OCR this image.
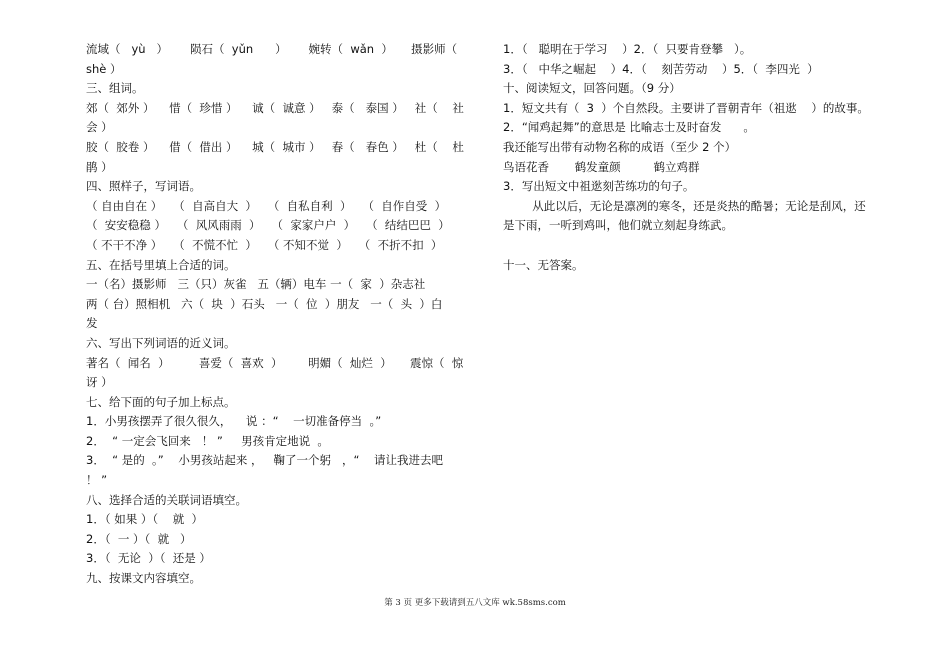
流域（   yù   ）      陨石（  yǔn      ）      婉转（  wǎn  ）     摄影师（
shè ）
三、组词。
郊（  郊外 ）    惜（  珍惜 ）    诚（  诚意 ）   泰（   泰国 ）   社（    社
会 ）
胶（  胶卷 ）    借（  借出 ）    城（  城市 ）   春（   春色 ）   杜（    杜
鹃 ）
四、照样子，写词语。
（ 自由自在 ）   （  自高自大  ）   （  自私自利  ）   （  自作自受  ）
（  安安稳稳 ）   （  风风雨雨  ）   （  家家户户  ）   （  结结巴巴  ）
（ 不干不净 ）   （  不慌不忙  ）   （ 不知不觉  ）   （  不折不扣  ）
五、在括号里填上合适的词。
一（名）摄影师   三（只）灰雀   五（辆）电车 一（  家  ）杂志社
两（ 台）照相机   六（  块  ）石头   一（  位  ）朋友   一（  头  ）白
发
六、写出下列词语的近义词。
著名（  闻名  ）        喜爱（  喜欢  ）       明媚（  灿烂  ）     震惊（  惊
讶 ）
七、给下面的句子加上标点。
1．小男孩摆弄了很久很久，    说 ：“    一切准备停当  。”
2．  “ 一定会飞回来   ！ ”     男孩肯定地说  。
3．  “ 是的  。”    小男孩站起来 ，   鞠了一个躬   ，“    请让我进去吧
！ ”
八、选择合适的关联词语填空。
1．（ 如果 ）（    就  ）
2．（  一 ）（  就   ）
3．（  无论  ）（  还是 ）
九、按课文内容填空。
1．（   聪明在于学习    ）2．（  只要肯登攀   ）。
3．（   中华之崛起    ）4．（    刻苦劳动    ）5．（  李四光  ）
十、阅读短文，回答问题。（9 分）
1．短文共有（  3  ）个自然段。主要讲了晋朝青年（祖逖    ）的故事。
2．“闻鸡起舞”的意思是 比喻志士及时奋发      。
我还能写出带有动物名称的成语（至少 2 个）
鸟语花香       鹤发童颜         鹤立鸡群
3．写出短文中祖逖刻苦练功的句子。
从此以后，无论是凛冽的寒冬，还是炎热的酷暑；无论是刮风，还
是下雨，一听到鸡叫，他们就立刻起身练武。
十一、无答案。
第 3 页 更多下载请到五八文库 wk.58sms.com
